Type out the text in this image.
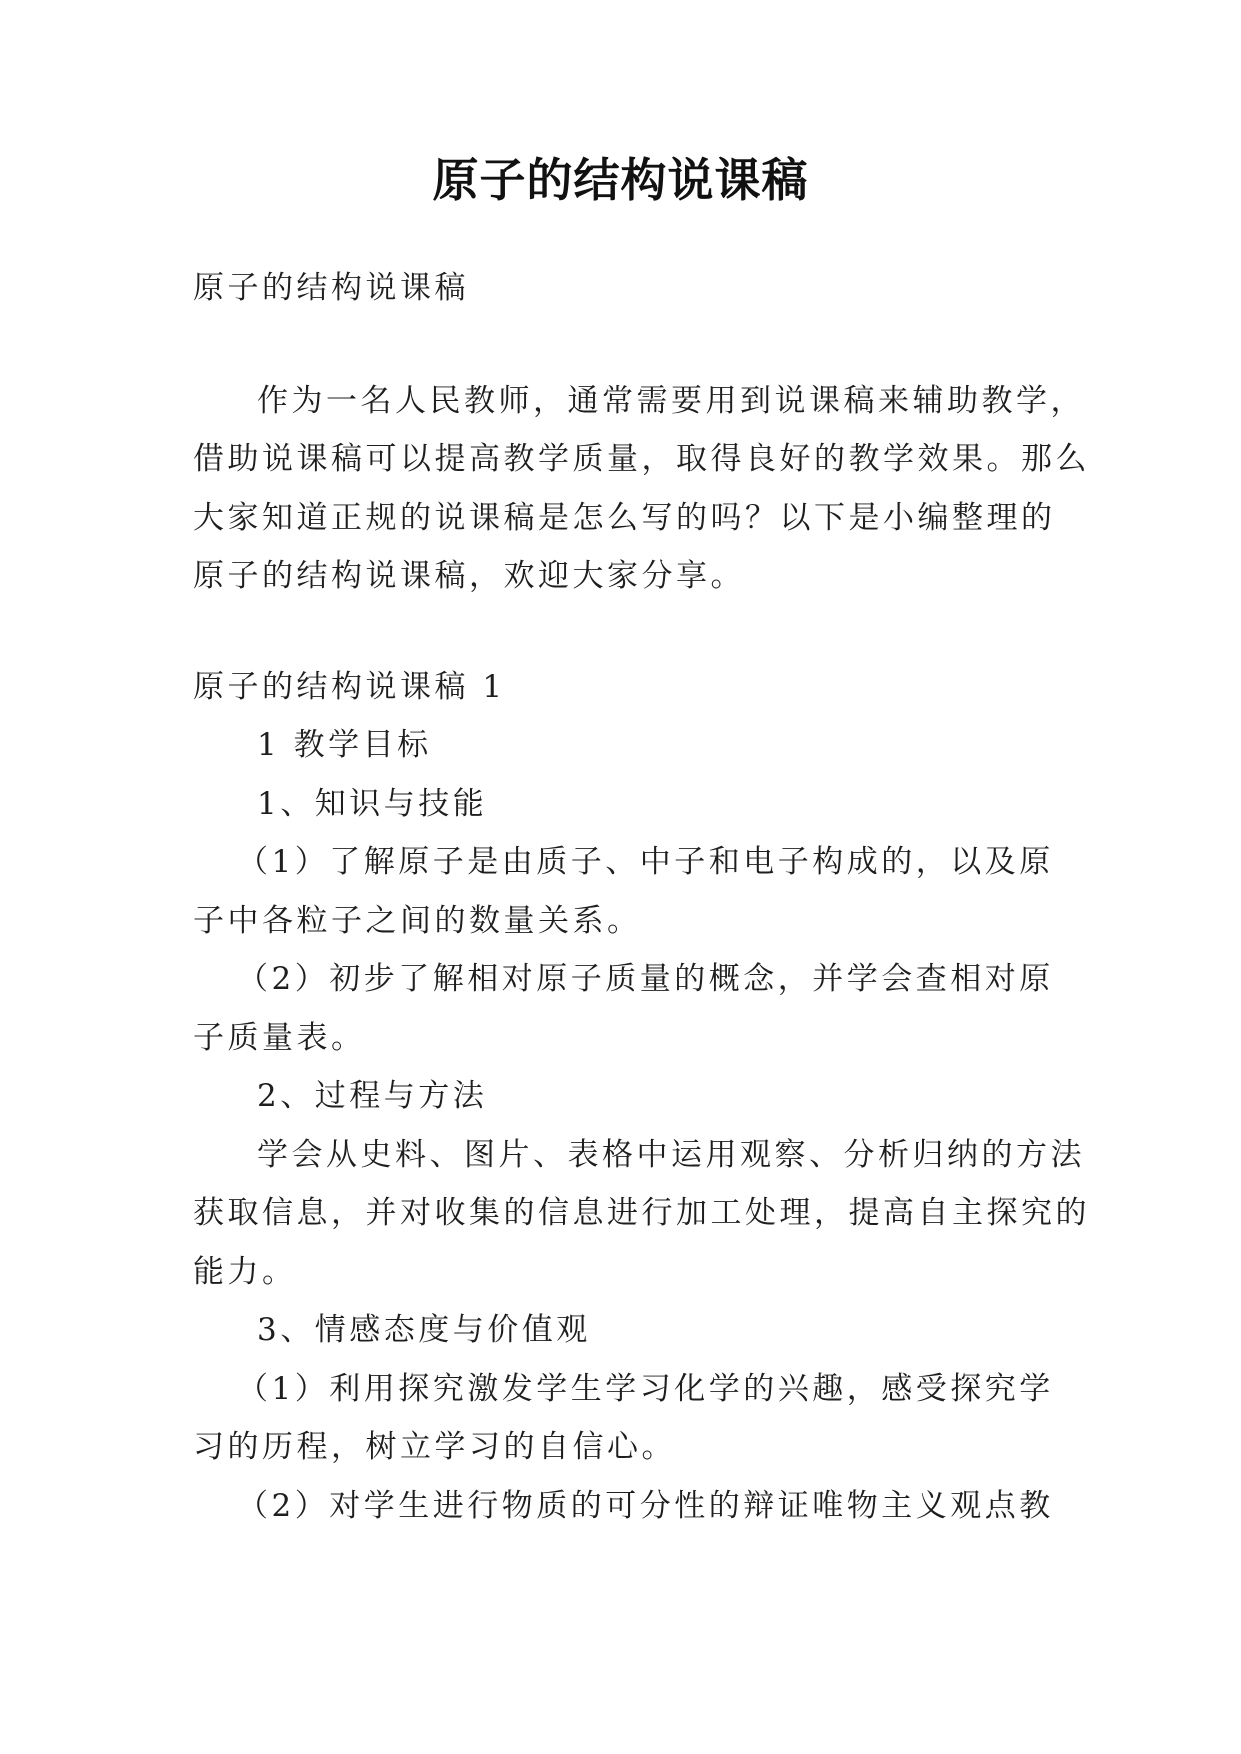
原子的结构说课稿
原子的结构说课稿
作为一名人民教师，通常需要用到说课稿来辅助教学，
借助说课稿可以提高教学质量，取得良好的教学效果。那么
大家知道正规的说课稿是怎么写的吗？以下是小编整理的
原子的结构说课稿，欢迎大家分享。
原子的结构说课稿 1
1 教学目标
1、知识与技能
（1）了解原子是由质子、中子和电子构成的，以及原
子中各粒子之间的数量关系。
（2）初步了解相对原子质量的概念，并学会查相对原
子质量表。
2、过程与方法
学会从史料、图片、表格中运用观察、分析归纳的方法
获取信息，并对收集的信息进行加工处理，提高自主探究的
能力。
3、情感态度与价值观
（1）利用探究激发学生学习化学的兴趣，感受探究学
习的历程，树立学习的自信心。
（2）对学生进行物质的可分性的辩证唯物主义观点教
